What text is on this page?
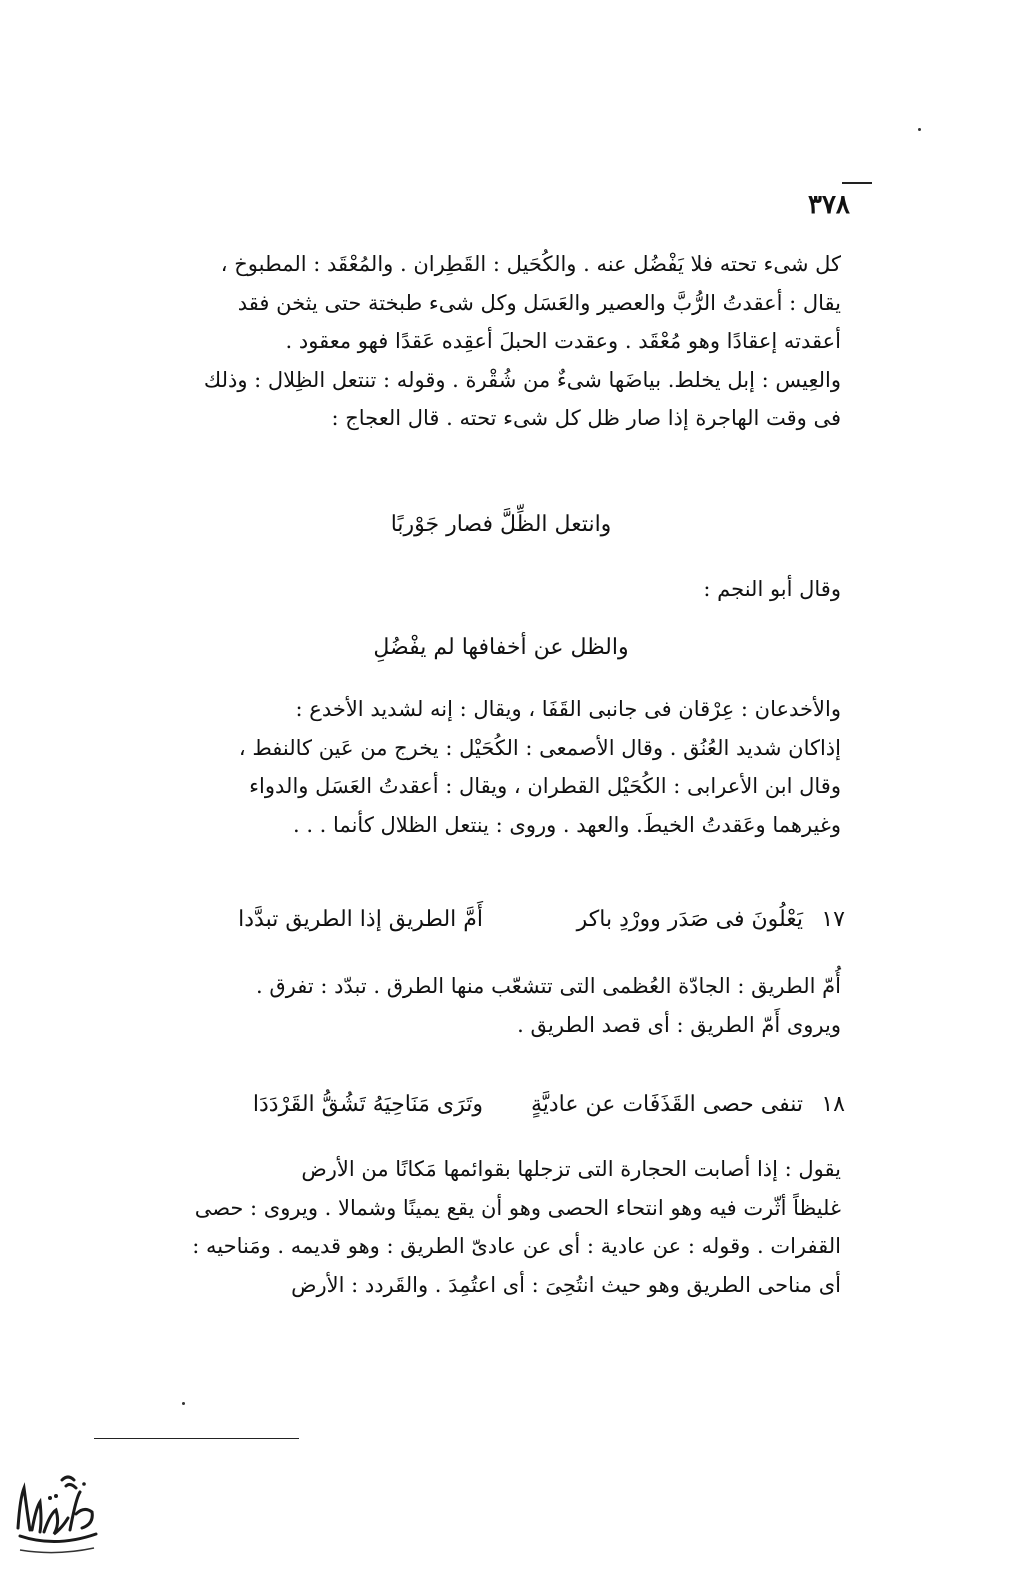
٣٧٨

كل شىء تحته فلا يَفْضُل عنه . والكُحَيل : القَطِران . والمُعْقَد : المطبوخ ،

يقال : أعقدتُ الرُّبَّ والعصير والعَسَل وكل شىء طبختة حتى يثخن فقد

أعقدته إعقادًا وهو مُعْقَد . وعقدت الحبلَ أعقِده عَقدًا فهو معقود .

والعِيس : إبل يخلط. بياضَها شىءٌ من شُقْرة . وقوله : تنتعل الظِلال : وذلك

فى وقت الهاجرة إذا صار ظل كل شىء تحته . قال العجاج :

وانتعل الظِّلَّ فصار جَوْربًا

وقال أبو النجم :

والظل عن أخفافها لم يفْضُلِ

والأخدعان : عِرْقان فى جانبى القَفَا ، ويقال : إنه لشديد الأخدع :

إذاكان شديد العُنُق . وقال الأصمعى : الكُحَيْل : يخرج من عَين كالنفط ،

وقال ابن الأعرابى : الكُحَيْل القطران ، ويقال : أعقدتُ العَسَل والدواء

وغيرهما وعَقدتُ الخيطَ. والعهد . وروى : ينتعل الظلال كأنما . . .

١٧
يَعْلُونَ فى صَدَر وورْدِ باكر
أَمَّ الطريق إذا الطريق تبدَّدا

أُمّ الطريق : الجادّة العُظمى التى تتشعّب منها الطرق . تبدّد : تفرق .

ويروى أَمّ الطريق : أى قصد الطريق .

١٨
تنفى حصى القَذَفَات عن عاديَّةٍ
وتَرَى مَنَاحِيَهُ تَشُقُّ القَرْدَدَا

يقول : إذا أصابت الحجارة التى تزجلها بقوائمها مَكانًا من الأرض

غليظاً أثّرت فيه وهو انتحاء الحصى وهو أن يقع يمينًا وشمالا . ويروى : حصى

القفرات . وقوله : عن عادية : أى عن عادىّ الطريق : وهو قديمه . ومَناحيه :

أى مناحى الطريق وهو حيث انتُحِىَ : أى اعتُمِدَ . والقَردد : الأرض
